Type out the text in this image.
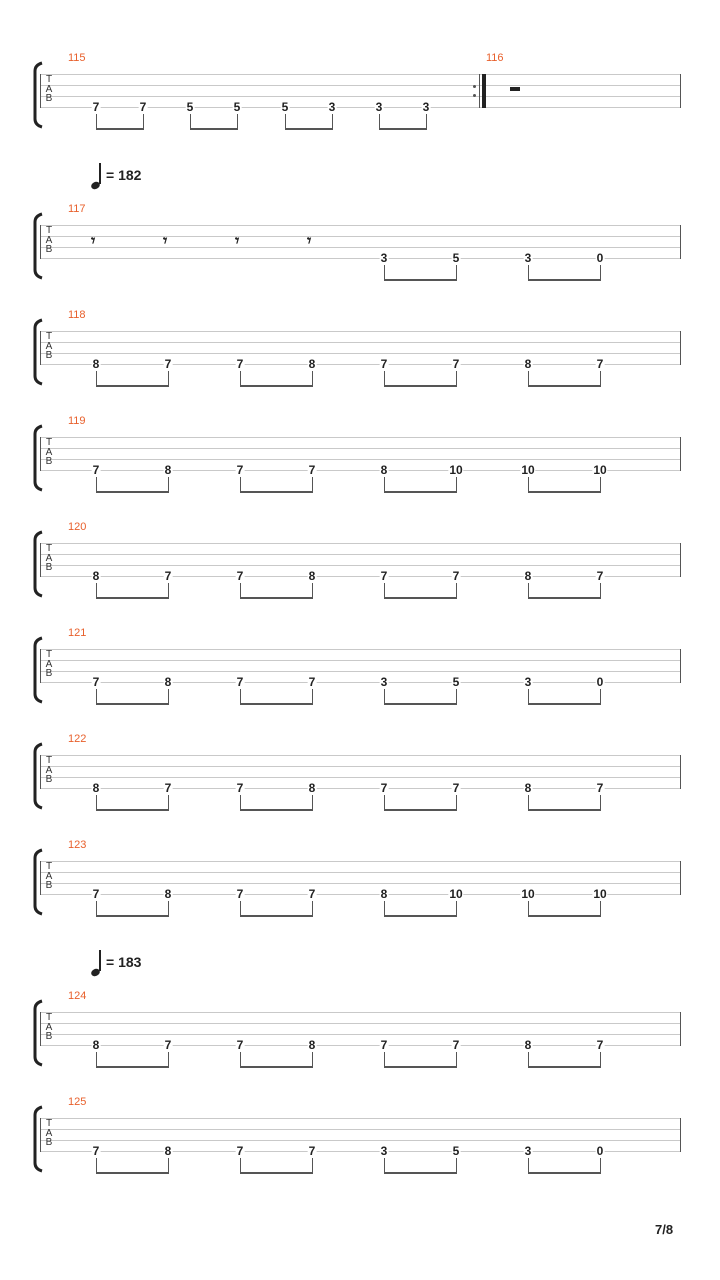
T
A
B
115
7	7	5	5	5	3	3	3
116
T
A
B
117
= 182
𝄾	𝄾	𝄾	𝄾
3	5	3	0
T
A
B
118
8	7	7	8	7	7	8	7
T
A
B
119
7	8	7	7	8	10	10	10
T
A
B
120
8	7	7	8	7	7	8	7
T
A
B
121
7	8	7	7	3	5	3	0
T
A
B
122
8	7	7	8	7	7	8	7
T
A
B
123
7	8	7	7	8	10	10	10
T
A
B
124
= 183
8	7	7	8	7	7	8	7
T
A
B
125
7	8	7	7	3	5	3	0
7/8
